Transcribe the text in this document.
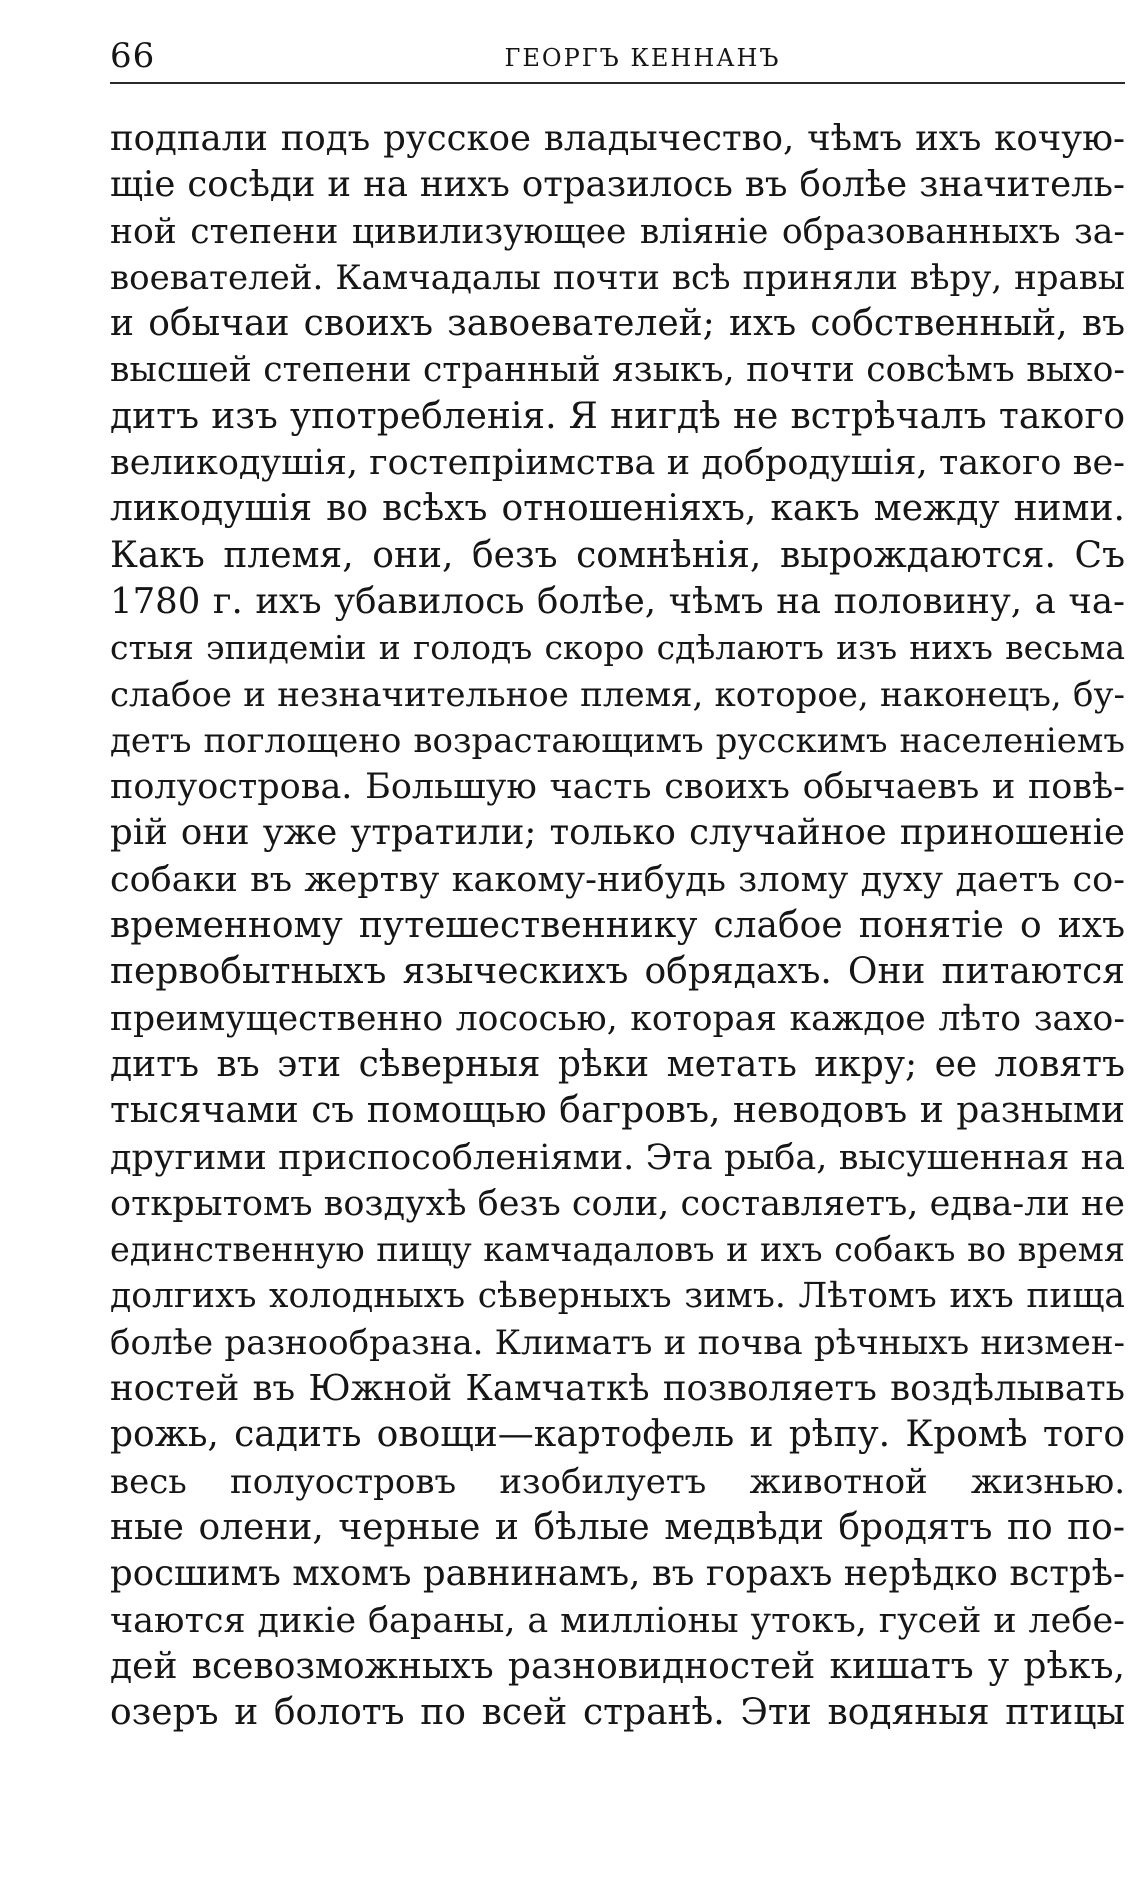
66	ГЕОРГЪ КЕННАНЪ
подпали подъ русское владычество, чѣмъ ихъ кочую-
щіе сосѣди и на нихъ отразилось въ болѣе значитель-
ной степени цивилизующее вліяніе образованныхъ за-
воевателей. Камчадалы почти всѣ приняли вѣру, нравы
и обычаи своихъ завоевателей; ихъ собственный, въ
высшей степени странный языкъ, почти совсѣмъ выхо-
дитъ изъ употребленія. Я нигдѣ не встрѣчалъ такого
великодушія, гостепріимства и добродушія, такого ве-
ликодушія во всѣхъ отношеніяхъ, какъ между ними.
Какъ племя, они, безъ сомнѣнія, вырождаются. Съ
1780 г. ихъ убавилось болѣе, чѣмъ на половину, а ча-
стыя эпидеміи и голодъ скоро сдѣлаютъ изъ нихъ весьма
слабое и незначительное племя, которое, наконецъ, бу-
детъ поглощено возрастающимъ русскимъ населеніемъ
полуострова. Большую часть своихъ обычаевъ и повѣ-
рій они уже утратили; только случайное приношеніе
собаки въ жертву какому-нибудь злому духу даетъ со-
временному путешественнику слабое понятіе о ихъ
первобытныхъ языческихъ обрядахъ. Они питаются
преимущественно лососью, которая каждое лѣто захо-
дитъ въ эти сѣверныя рѣки метать икру; ее ловятъ
тысячами съ помощью багровъ, неводовъ и разными
другими приспособленіями. Эта рыба, высушенная на
открытомъ воздухѣ безъ соли, составляетъ, едва-ли не
единственную пищу камчадаловъ и ихъ собакъ во время
долгихъ холодныхъ сѣверныхъ зимъ. Лѣтомъ ихъ пища
болѣе разнообразна. Климатъ и почва рѣчныхъ низмен-
ностей въ Южной Камчаткѣ позволяетъ воздѣлывать
рожь, садить овощи—картофель и рѣпу. Кромѣ того
весь полуостровъ изобилуетъ животной жизнью.
ные олени, черные и бѣлые медвѣди бродятъ по по-
росшимъ мхомъ равнинамъ, въ горахъ нерѣдко встрѣ-
чаются дикіе бараны, а милліоны утокъ, гусей и лебе-
дей всевозможныхъ разновидностей кишатъ у рѣкъ,
озеръ и болотъ по всей странѣ. Эти водяныя птицы
